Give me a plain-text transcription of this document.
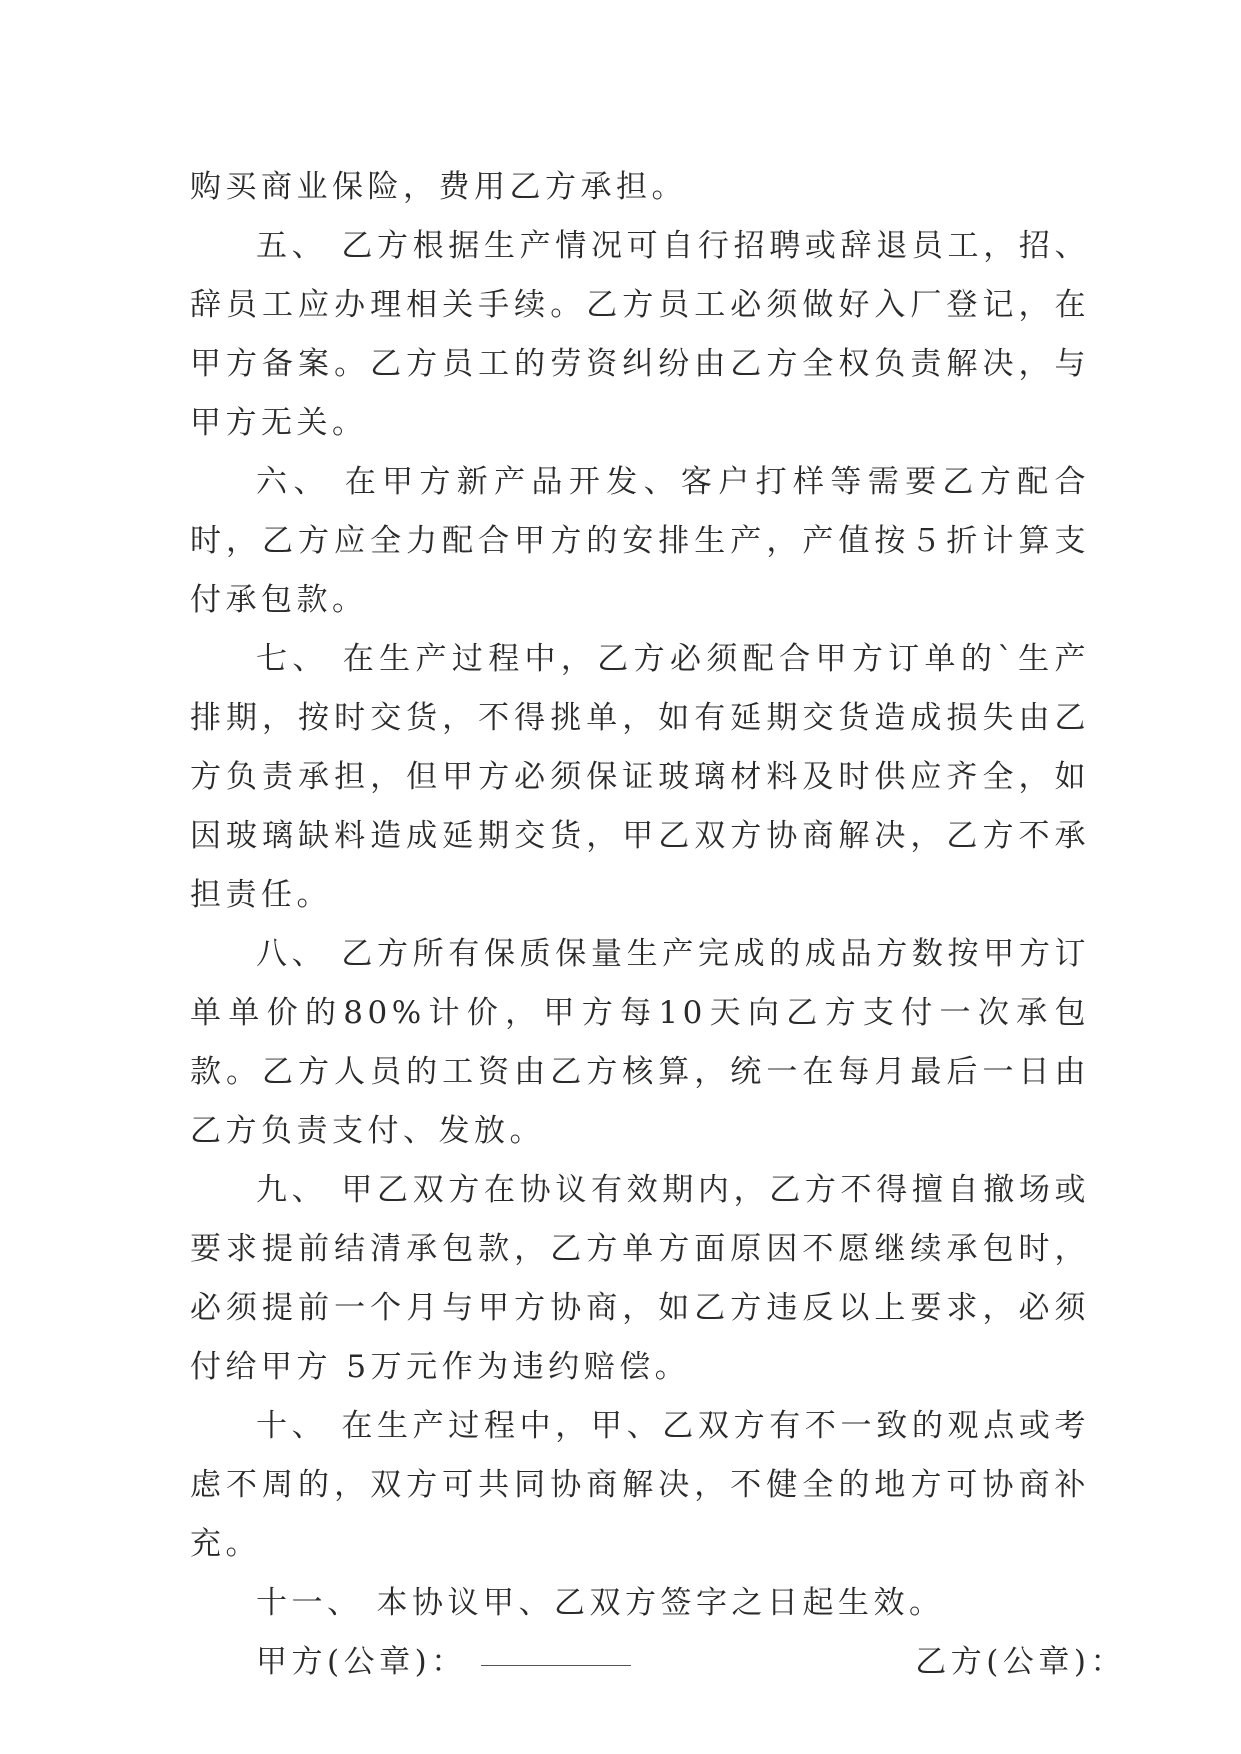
购买商业保险，费用乙方承担。

五、 乙方根据生产情况可自行招聘或辞退员工，招、辞员工应办理相关手续。乙方员工必须做好入厂登记，在甲方备案。乙方员工的劳资纠纷由乙方全权负责解决，与甲方无关。

六、 在甲方新产品开发、客户打样等需要乙方配合时，乙方应全力配合甲方的安排生产，产值按５折计算支付承包款。

七、 在生产过程中，乙方必须配合甲方订单的`生产排期，按时交货，不得挑单，如有延期交货造成损失由乙方负责承担，但甲方必须保证玻璃材料及时供应齐全，如因玻璃缺料造成延期交货，甲乙双方协商解决，乙方不承担责任。

八、 乙方所有保质保量生产完成的成品方数按甲方订单单价的80%计价，甲方每10天向乙方支付一次承包款。乙方人员的工资由乙方核算，统一在每月最后一日由乙方负责支付、发放。

九、 甲乙双方在协议有效期内，乙方不得擅自撤场或要求提前结清承包款，乙方单方面原因不愿继续承包时，必须提前一个月与甲方协商，如乙方违反以上要求，必须付给甲方 5万元作为违约赔偿。

十、 在生产过程中，甲、乙双方有不一致的观点或考虑不周的，双方可共同协商解决，不健全的地方可协商补充。

十一、 本协议甲、乙双方签字之日起生效。

甲方(公章)：	乙方(公章)：
